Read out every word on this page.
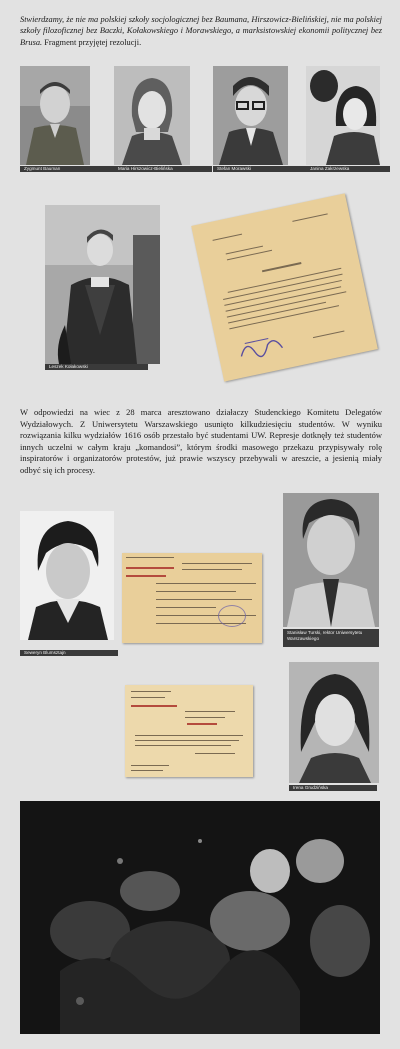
Stwierdzamy, że nie ma polskiej szkoły socjologicznej bez Baumana, Hirszowicz-Bielińskiej, nie ma polskiej szkoły filozoficznej bez Baczki, Kołakowskiego i Morawskiego, a marksistowskiej ekonomii politycznej bez Brusa. Fragment przyjętej rezolucji.

Zygmunt Bauman	Maria Hirszowicz-Bielińska	Stefan Morawski	Janina Zakrzewska
Leszek Kołakowski

W odpowiedzi na wiec z 28 marca aresztowano działaczy Studenckiego Komitetu Delegatów Wydziałowych. Z Uniwersytetu Warszawskiego usunięto kilkudziesięciu studentów. W wyniku rozwiązania kilku wydziałów 1616 osób przestało być studentami UW. Represje dotknęły też studentów innych uczelni w całym kraju „komandosi”, którym środki masowego przekazu przypisywały rolę inspiratorów i organizatorów protestów, już prawie wszyscy przebywali w areszcie, a jesienią miały odbyć się ich procesy.

Seweryn Blumsztajn
Stanisław Turski, rektor Uniwersytetu Warszawskiego
Irena Grudzińska
